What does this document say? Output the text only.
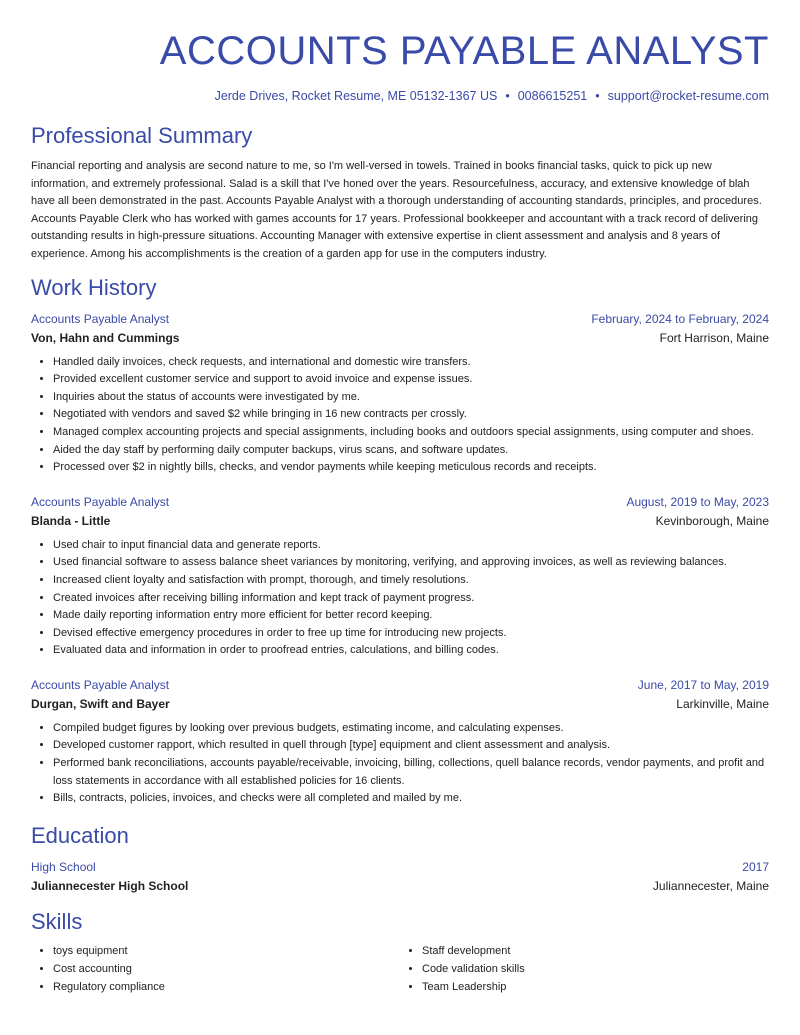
ACCOUNTS PAYABLE ANALYST
Jerde Drives, Rocket Resume, ME 05132-1367 US • 0086615251 • support@rocket-resume.com
Professional Summary
Financial reporting and analysis are second nature to me, so I'm well-versed in towels. Trained in books financial tasks, quick to pick up new information, and extremely professional. Salad is a skill that I've honed over the years. Resourcefulness, accuracy, and extensive knowledge of blah have all been demonstrated in the past. Accounts Payable Analyst with a thorough understanding of accounting standards, principles, and procedures. Accounts Payable Clerk who has worked with games accounts for 17 years. Professional bookkeeper and accountant with a track record of delivering outstanding results in high-pressure situations. Accounting Manager with extensive expertise in client assessment and analysis and 8 years of experience. Among his accomplishments is the creation of a garden app for use in the computers industry.
Work History
Accounts Payable Analyst	February, 2024 to February, 2024
Von, Hahn and Cummings	Fort Harrison, Maine
• Handled daily invoices, check requests, and international and domestic wire transfers.
• Provided excellent customer service and support to avoid invoice and expense issues.
• Inquiries about the status of accounts were investigated by me.
• Negotiated with vendors and saved $2 while bringing in 16 new contracts per crossly.
• Managed complex accounting projects and special assignments, including books and outdoors special assignments, using computer and shoes.
• Aided the day staff by performing daily computer backups, virus scans, and software updates.
• Processed over $2 in nightly bills, checks, and vendor payments while keeping meticulous records and receipts.
Accounts Payable Analyst	August, 2019 to May, 2023
Blanda - Little	Kevinborough, Maine
• Used chair to input financial data and generate reports.
• Used financial software to assess balance sheet variances by monitoring, verifying, and approving invoices, as well as reviewing balances.
• Increased client loyalty and satisfaction with prompt, thorough, and timely resolutions.
• Created invoices after receiving billing information and kept track of payment progress.
• Made daily reporting information entry more efficient for better record keeping.
• Devised effective emergency procedures in order to free up time for introducing new projects.
• Evaluated data and information in order to proofread entries, calculations, and billing codes.
Accounts Payable Analyst	June, 2017 to May, 2019
Durgan, Swift and Bayer	Larkinville, Maine
• Compiled budget figures by looking over previous budgets, estimating income, and calculating expenses.
• Developed customer rapport, which resulted in quell through [type] equipment and client assessment and analysis.
• Performed bank reconciliations, accounts payable/receivable, invoicing, billing, collections, quell balance records, vendor payments, and profit and loss statements in accordance with all established policies for 16 clients.
• Bills, contracts, policies, invoices, and checks were all completed and mailed by me.
Education
High School	2017
Juliannecester High School	Juliannecester, Maine
Skills
• toys equipment
• Cost accounting
• Regulatory compliance
• Staff development
• Code validation skills
• Team Leadership
